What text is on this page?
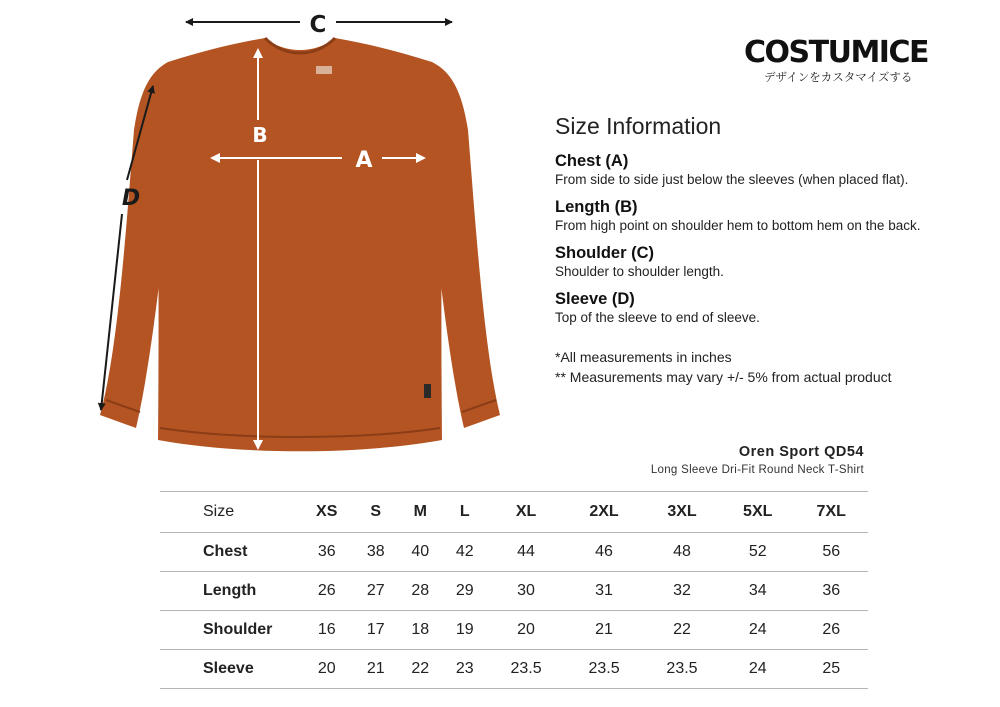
C
D
B
A
COSTUMICE
デザインをカスタマイズする
Size Information
Chest (A)
From side to side just below the sleeves (when placed flat).
Length (B)
From high point on shoulder hem to bottom hem on the back.
Shoulder (C)
Shoulder to shoulder length.
Sleeve (D)
Top of the sleeve to end of sleeve.
*All measurements in inches
** Measurements may vary +/- 5% from actual product
Oren Sport QD54
Long Sleeve Dri-Fit Round Neck T-Shirt
Size	XS	S	M	L	XL	2XL	3XL	5XL	7XL
Chest	36	38	40	42	44	46	48	52	56
Length	26	27	28	29	30	31	32	34	36
Shoulder	16	17	18	19	20	21	22	24	26
Sleeve	20	21	22	23	23.5	23.5	23.5	24	25
